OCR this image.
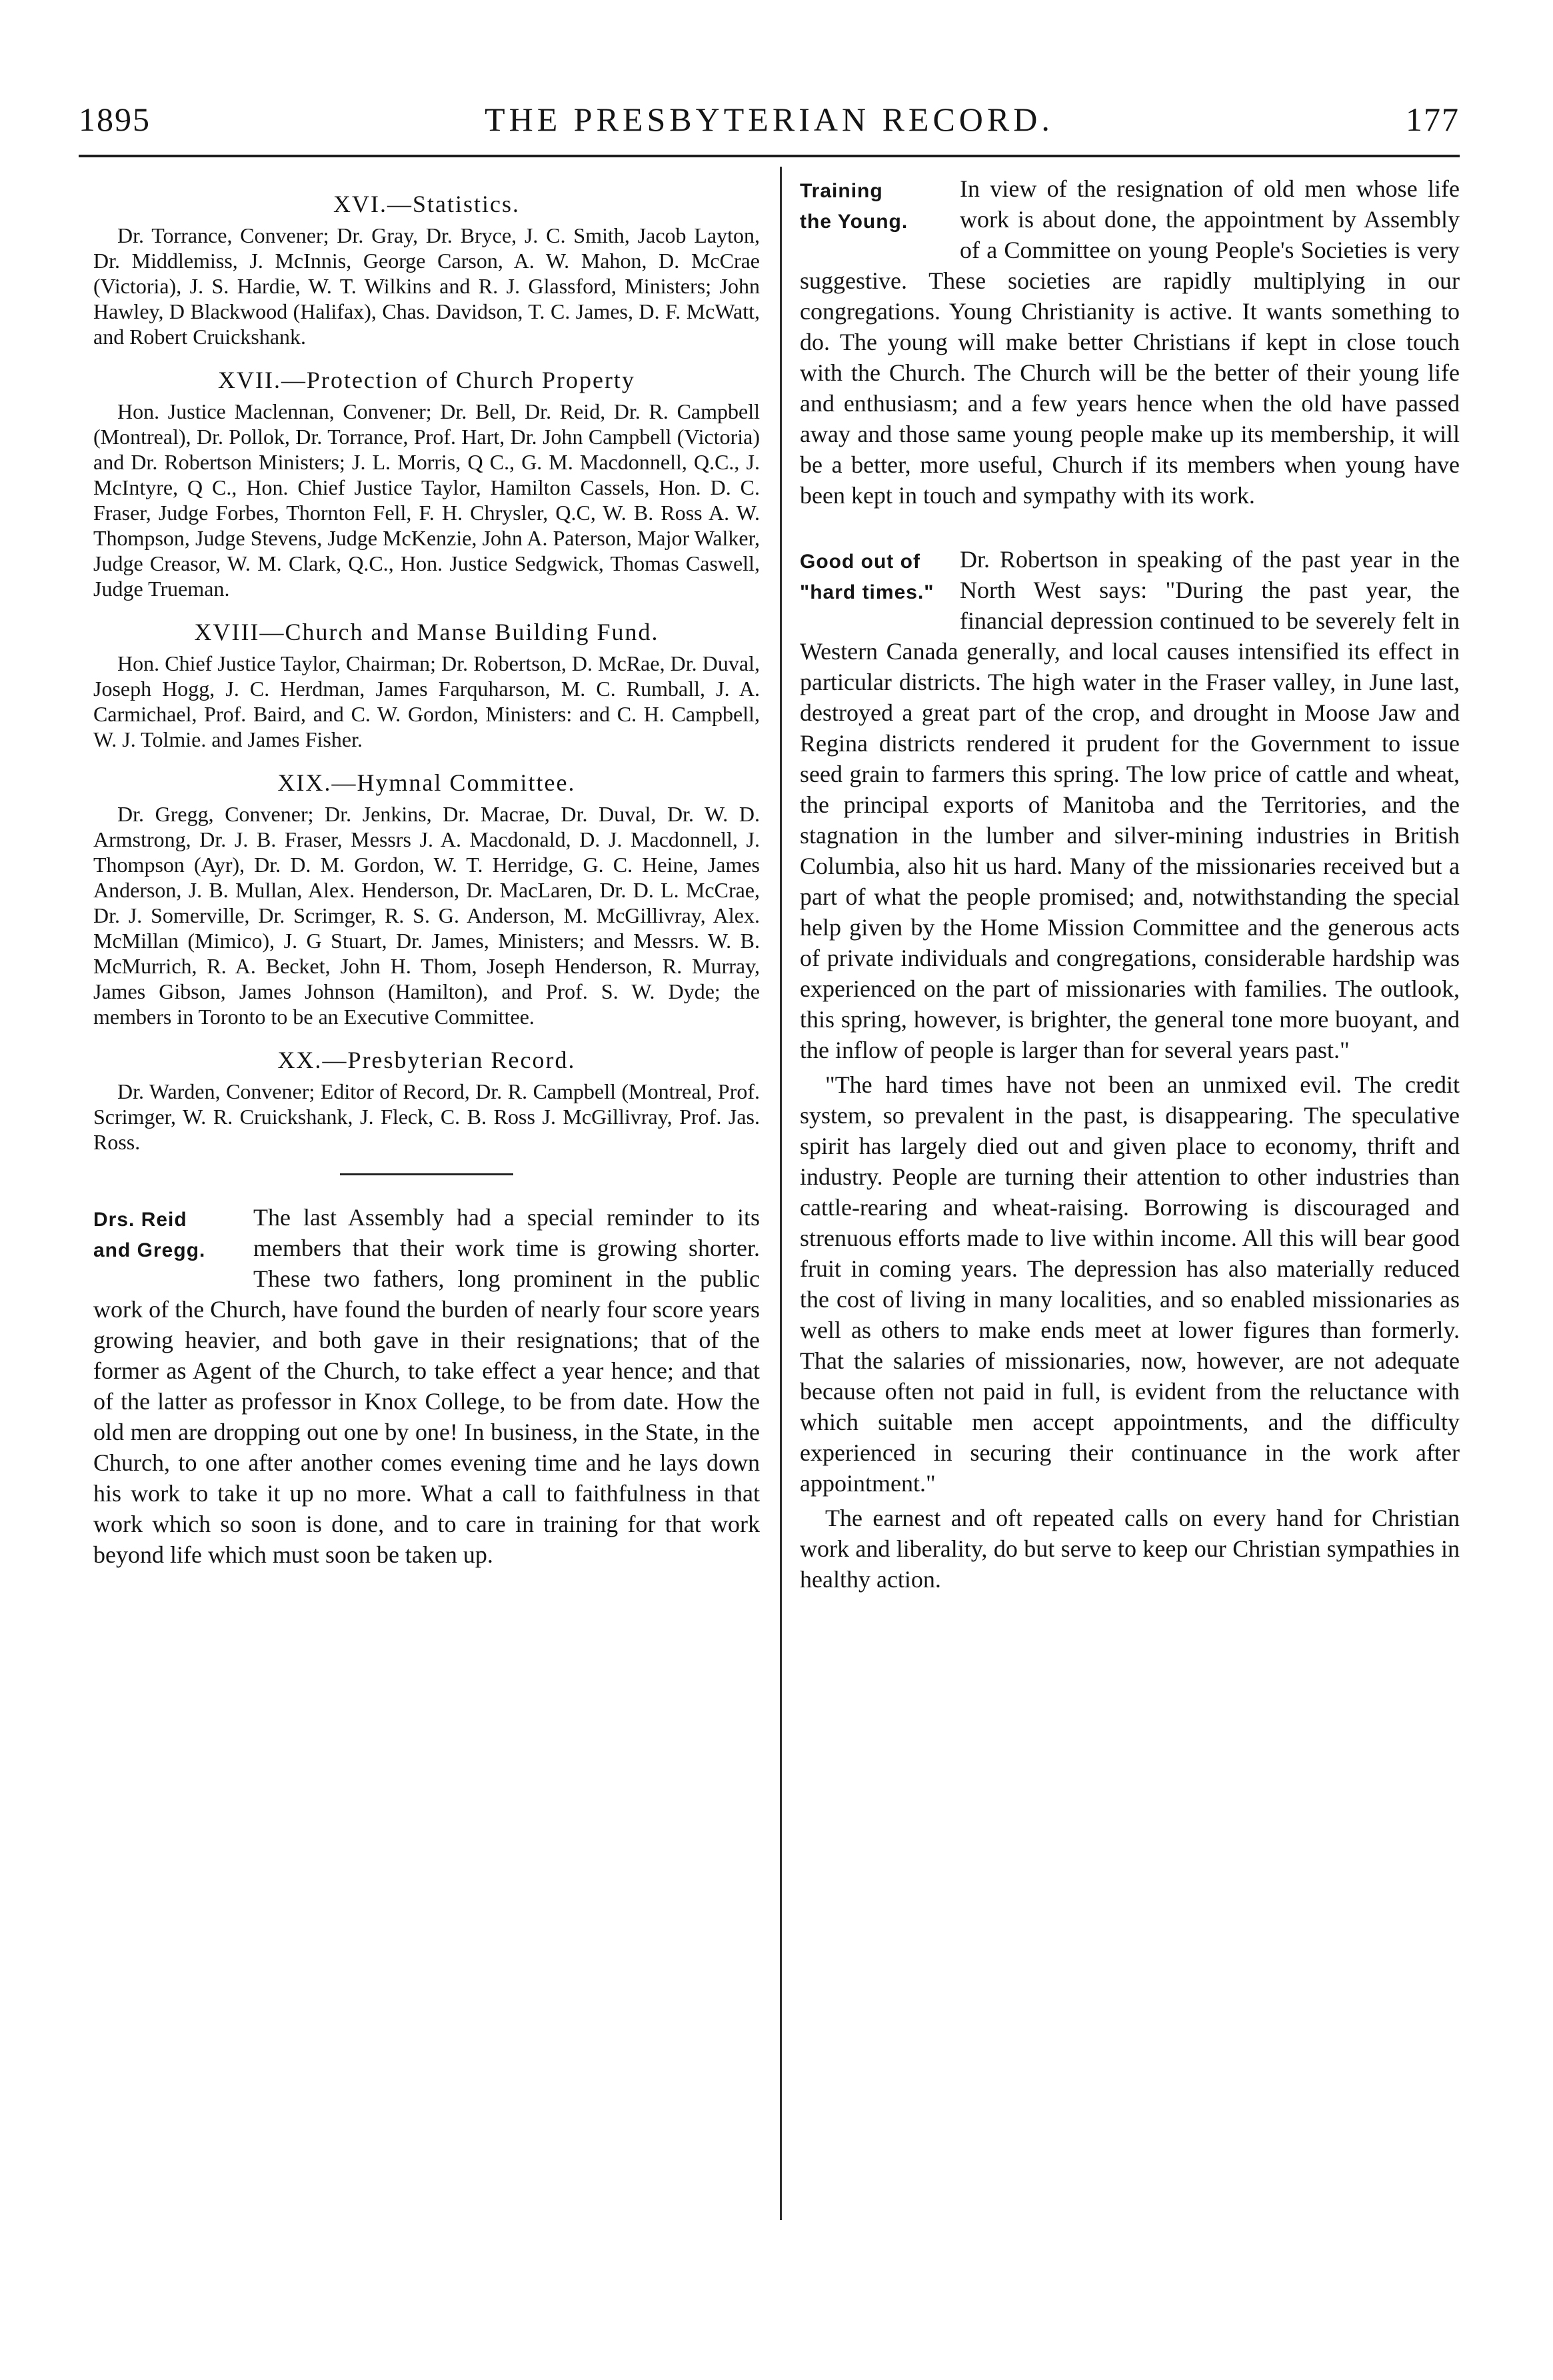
1895	THE PRESBYTERIAN RECORD.	177
XVI.—Statistics.

Dr. Torrance, Convener; Dr. Gray, Dr. Bryce, J. C. Smith, Jacob Layton, Dr. Middlemiss, J. McInnis, George Carson, A. W. Mahon, D. McCrae (Victoria), J. S. Hardie, W. T. Wilkins and R. J. Glassford, Ministers; John Hawley, D Blackwood (Halifax), Chas. Davidson, T. C. James, D. F. McWatt, and Robert Cruickshank.

XVII.—Protection of Church Property

Hon. Justice Maclennan, Convener; Dr. Bell, Dr. Reid, Dr. R. Campbell (Montreal), Dr. Pollok, Dr. Torrance, Prof. Hart, Dr. John Campbell (Victoria) and Dr. Robertson Ministers; J. L. Morris, Q C., G. M. Macdonnell, Q.C., J. McIntyre, Q C., Hon. Chief Justice Taylor, Hamilton Cassels, Hon. D. C. Fraser, Judge Forbes, Thornton Fell, F. H. Chrysler, Q.C, W. B. Ross A. W. Thompson, Judge Stevens, Judge McKenzie, John A. Paterson, Major Walker, Judge Creasor, W. M. Clark, Q.C., Hon. Justice Sedgwick, Thomas Caswell, Judge Trueman.

XVIII—Church and Manse Building Fund.

Hon. Chief Justice Taylor, Chairman; Dr. Robertson, D. McRae, Dr. Duval, Joseph Hogg, J. C. Herdman, James Farquharson, M. C. Rumball, J. A. Carmichael, Prof. Baird, and C. W. Gordon, Ministers: and C. H. Campbell, W. J. Tolmie. and James Fisher.

XIX.—Hymnal Committee.

Dr. Gregg, Convener; Dr. Jenkins, Dr. Macrae, Dr. Duval, Dr. W. D. Armstrong, Dr. J. B. Fraser, Messrs J. A. Macdonald, D. J. Macdonnell, J. Thompson (Ayr), Dr. D. M. Gordon, W. T. Herridge, G. C. Heine, James Anderson, J. B. Mullan, Alex. Henderson, Dr. MacLaren, Dr. D. L. McCrae, Dr. J. Somerville, Dr. Scrimger, R. S. G. Anderson, M. McGillivray, Alex. McMillan (Mimico), J. G Stuart, Dr. James, Ministers; and Messrs. W. B. McMurrich, R. A. Becket, John H. Thom, Joseph Henderson, R. Murray, James Gibson, James Johnson (Hamilton), and Prof. S. W. Dyde; the members in Toronto to be an Executive Committee.

XX.—Presbyterian Record.

Dr. Warden, Convener; Editor of Record, Dr. R. Campbell (Montreal, Prof. Scrimger, W. R. Cruickshank, J. Fleck, C. B. Ross J. McGillivray, Prof. Jas. Ross.

Drs. Reid
and Gregg.

The last Assembly had a special reminder to its members that their work time is growing shorter. These two fathers, long prominent in the public work of the Church, have found the burden of nearly four score years growing heavier, and both gave in their resignations; that of the former as Agent of the Church, to take effect a year hence; and that of the latter as professor in Knox College, to be from date. How the old men are dropping out one by one! In business, in the State, in the Church, to one after another comes evening time and he lays down his work to take it up no more. What a call to faithfulness in that work which so soon is done, and to care in training for that work beyond life which must soon be taken up.

Training
the Young.

In view of the resignation of old men whose life work is about done, the appointment by Assembly of a Committee on young People's Societies is very suggestive. These societies are rapidly multiplying in our congregations. Young Christianity is active. It wants something to do. The young will make better Christians if kept in close touch with the Church. The Church will be the better of their young life and enthusiasm; and a few years hence when the old have passed away and those same young people make up its membership, it will be a better, more useful, Church if its members when young have been kept in touch and sympathy with its work.

Good out of
"hard times."

Dr. Robertson in speaking of the past year in the North West says: "During the past year, the financial depression continued to be severely felt in Western Canada generally, and local causes intensified its effect in particular districts. The high water in the Fraser valley, in June last, destroyed a great part of the crop, and drought in Moose Jaw and Regina districts rendered it prudent for the Government to issue seed grain to farmers this spring. The low price of cattle and wheat, the principal exports of Manitoba and the Territories, and the stagnation in the lumber and silver-mining industries in British Columbia, also hit us hard. Many of the missionaries received but a part of what the people promised; and, notwithstanding the special help given by the Home Mission Committee and the generous acts of private individuals and congregations, considerable hardship was experienced on the part of missionaries with families. The outlook, this spring, however, is brighter, the general tone more buoyant, and the inflow of people is larger than for several years past."

"The hard times have not been an unmixed evil. The credit system, so prevalent in the past, is disappearing. The speculative spirit has largely died out and given place to economy, thrift and industry. People are turning their attention to other industries than cattle-rearing and wheat-raising. Borrowing is discouraged and strenuous efforts made to live within income. All this will bear good fruit in coming years. The depression has also materially reduced the cost of living in many localities, and so enabled missionaries as well as others to make ends meet at lower figures than formerly. That the salaries of missionaries, now, however, are not adequate because often not paid in full, is evident from the reluctance with which suitable men accept appointments, and the difficulty experienced in securing their continuance in the work after appointment."

The earnest and oft repeated calls on every hand for Christian work and liberality, do but serve to keep our Christian sympathies in healthy action.
